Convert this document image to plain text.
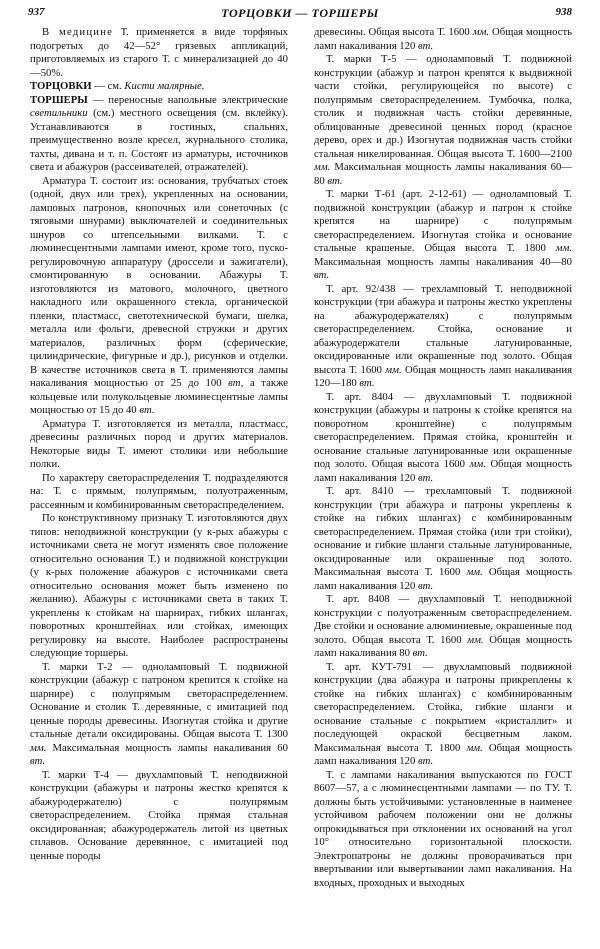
937	ТОРЦОВКИ — ТОРШЕРЫ	938

В медицине Т. применяется в виде торфяных подогретых до 42—52° грязевых аппликаций, приготовляемых из старого Т. с минерализацией до 40—50%.

ТОРЦОВКИ — см. Кисти малярные.

ТОРШЕРЫ — переносные напольные электрические светильники (см.) местного освещения (см. вклейку). Устанавливаются в гостиных, спальнях, преимущественно возле кресел, журнального столика, тахты, дивана и т. п. Состоят из арматуры, источников света и абажуров (рассеивателей, отражателей).

Арматура Т. состоит из: основания, трубчатых стоек (одной, двух или трех), укрепленных на основании, ламповых патронов, кнопочных или сонеточных (с тяговыми шнурами) выключателей и соединительных шнуров со штепсельными вилками. Т. с люминесцентными лампами имеют, кроме того, пуско-регулировочную аппаратуру (дроссели и зажигатели), смонтированную в основании. Абажуры Т. изготовляются из матового, молочного, цветного накладного или окрашенного стекла, органической пленки, пластмасс, светотехнической бумаги, шелка, металла или фольги, древесной стружки и других материалов, различных форм (сферические, цилиндрические, фигурные и др.), рисунков и отделки. В качестве источников света в Т. применяются лампы накаливания мощностью от 25 до 100 вт, а также кольцевые или полукольцевые люминесцентные лампы мощностью от 15 до 40 вт.

Арматура Т. изготовляется из металла, пластмасс, древесины различных пород и других материалов. Некоторые виды Т. имеют столики или небольшие полки.

По характеру светораспределения Т. подразделяются на: Т. с прямым, полупрямым, полуотраженным, рассеянным и комбинированным светораспределением.

По конструктивному признаку Т. изготовляются двух типов: неподвижной конструкции (у к-рых абажуры с источниками света не могут изменять свое положение относительно основания Т.) и подвижной конструкции (у к-рых положение абажуров с источниками света относительно основания может быть изменено по желанию). Абажуры с источниками света в таких Т. укреплены к стойкам на шарнирах, гибких шлангах, поворотных кронштейнах или стойках, имеющих регулировку на высоте. Наиболее распространены следующие торшеры.

Т. марки Т-2 — одноламповый Т. подвижной конструкции (абажур с патроном крепится к стойке на шарнире) с полупрямым светораспределением. Основание и столик Т. деревянные, с имитацией под ценные породы древесины. Изогнутая стойка и другие стальные детали оксидированы. Общая высота Т. 1300 мм. Максимальная мощность лампы накаливания 60 вт.

Т. марки Т-4 — двухламповый Т. неподвижной конструкции (абажуры и патроны жестко крепятся к абажуродержателю) с полупрямым светораспределением. Стойка прямая стальная оксидированная; абажуродержатель литой из цветных сплавов. Основание деревянное, с имитацией под ценные породы

древесины. Общая высота Т. 1600 мм. Общая мощность ламп накаливания 120 вт.

Т. марки Т-5 — одноламповый Т. подвижной конструкции (абажур и патрон крепятся к выдвижной части стойки, регулирующейся по высоте) с полупрямым светораспределением. Тумбочка, полка, столик и подвижная часть стойки деревянные, облицованные древесиной ценных пород (красное дерево, орех и др.) Изогнутая подвижная часть стойки стальная никелированная. Общая высота Т. 1600—2100 мм. Максимальная мощность лампы накаливания 60—80 вт.

Т. марки Т-61 (арт. 2-12-61) — одноламповый Т. подвижной конструкции (абажур и патрон к стойке крепятся на шарнире) с полупрямым светораспределением. Изогнутая стойка и основание стальные крашеные. Общая высота Т. 1800 мм. Максимальная мощность лампы накаливания 40—80 вт.

Т. арт. 92/438 — трехламповый Т. неподвижной конструкции (три абажура и патроны жестко укреплены на абажуродержателях) с полупрямым светораспределением. Стойка, основание и абажуродержатели стальные латунированные, оксидированные или окрашенные под золото. Общая высота Т. 1600 мм. Общая мощность ламп накаливания 120—180 вт.

Т. арт. 8404 — двухламповый Т. подвижной конструкции (абажуры и патроны к стойке крепятся на поворотном кронштейне) с полупрямым светораспределением. Прямая стойка, кронштейн и основание стальные латунированные или окрашенные под золото. Общая высота 1600 мм. Общая мощность ламп накаливания 120 вт.

Т. арт. 8410 — трехламповый Т. подвижной конструкции (три абажура и патроны укреплены к стойке на гибких шлангах) с комбинированным светораспределением. Прямая стойка (или три стойки), основание и гибкие шланги стальные латунированные, оксидированные или окрашенные под золото. Максимальная высота Т. 1600 мм. Общая мощность ламп накаливания 120 вт.

Т. арт. 8408 — двухламповый Т. неподвижной конструкции с полуотраженным светораспределением. Две стойки и основание алюминиевые, окрашенные под золото. Общая высота Т. 1600 мм. Общая мощность ламп накаливания 80 вт.

Т. арт. КУТ-791 — двухламповый подвижной конструкции (два абажура и патроны прикреплены к стойке на гибких шлангах) с комбинированным светораспределением. Стойка, гибкие шланги и основание стальные с покрытием «кристаллит» и последующей окраской бесцветным лаком. Максимальная высота Т. 1800 мм. Общая мощность ламп накаливания 120 вт.

Т. с лампами накаливания выпускаются по ГОСТ 8607—57, а с люминесцентными лампами — по ТУ. Т. должны быть устойчивыми: установленные в наименее устойчивом рабочем положении они не должны опрокидываться при отклонении их оснований на угол 10° относительно горизонтальной плоскости. Электропатроны не должны проворачиваться при ввертывании или вывертывании ламп накаливания. На входных, проходных и выходных
